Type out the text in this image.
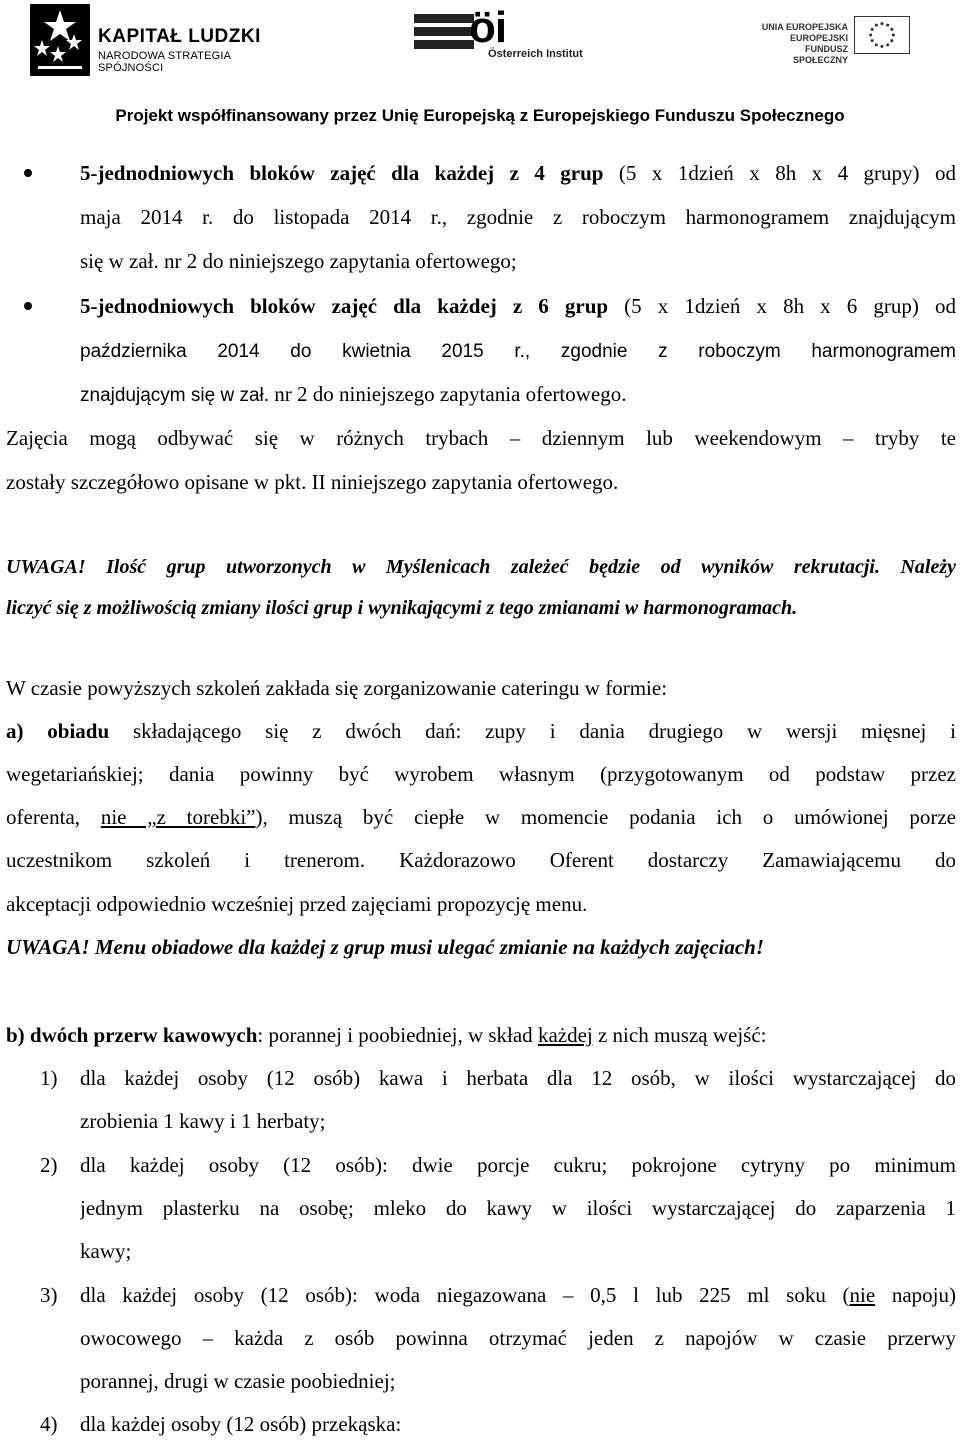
KAPITAŁ LUDZKI
NARODOWA STRATEGIA SPÓJNOŚCI
öi
Österreich Institut
UNIA EUROPEJSKA
EUROPEJSKI
FUNDUSZ SPOŁECZNY
Projekt współfinansowany przez Unię Europejską z Europejskiego Funduszu Społecznego
5-jednodniowych bloków zajęć dla każdej z 4 grup (5 x 1dzień x 8h x 4 grupy) od
maja 2014 r. do listopada 2014 r., zgodnie z roboczym harmonogramem znajdującym
się w zał. nr 2 do niniejszego zapytania ofertowego;
5-jednodniowych bloków zajęć dla każdej z 6 grup (5 x 1dzień x 8h x 6 grup) od
października 2014 do kwietnia 2015 r., zgodnie z roboczym harmonogramem
znajdującym się w zał. nr 2 do niniejszego zapytania ofertowego.
Zajęcia mogą odbywać się w różnych trybach – dziennym lub weekendowym – tryby te
zostały szczegółowo opisane w pkt. II niniejszego zapytania ofertowego.
UWAGA! Ilość grup utworzonych w Myślenicach zależeć będzie od wyników rekrutacji. Należy
liczyć się z możliwością zmiany ilości grup i wynikającymi z tego zmianami w harmonogramach.
W czasie powyższych szkoleń zakłada się zorganizowanie cateringu w formie:
a) obiadu składającego się z dwóch dań: zupy i dania drugiego w wersji mięsnej i
wegetariańskiej; dania powinny być wyrobem własnym (przygotowanym od podstaw przez
oferenta, nie „z torebki”), muszą być ciepłe w momencie podania ich o umówionej porze
uczestnikom szkoleń i trenerom. Każdorazowo Oferent dostarczy Zamawiającemu do
akceptacji odpowiednio wcześniej przed zajęciami propozycję menu.
UWAGA! Menu obiadowe dla każdej z grup musi ulegać zmianie na każdych zajęciach!
b) dwóch przerw kawowych: porannej i poobiedniej, w skład każdej z nich muszą wejść:
1) dla każdej osoby (12 osób) kawa i herbata dla 12 osób, w ilości wystarczającej do
zrobienia 1 kawy i 1 herbaty;
2) dla każdej osoby (12 osób): dwie porcje cukru; pokrojone cytryny po minimum
jednym plasterku na osobę; mleko do kawy w ilości wystarczającej do zaparzenia 1
kawy;
3) dla każdej osoby (12 osób): woda niegazowana – 0,5 l lub 225 ml soku (nie napoju)
owocowego – każda z osób powinna otrzymać jeden z napojów w czasie przerwy
porannej, drugi w czasie poobiedniej;
4) dla każdej osoby (12 osób) przekąska:
